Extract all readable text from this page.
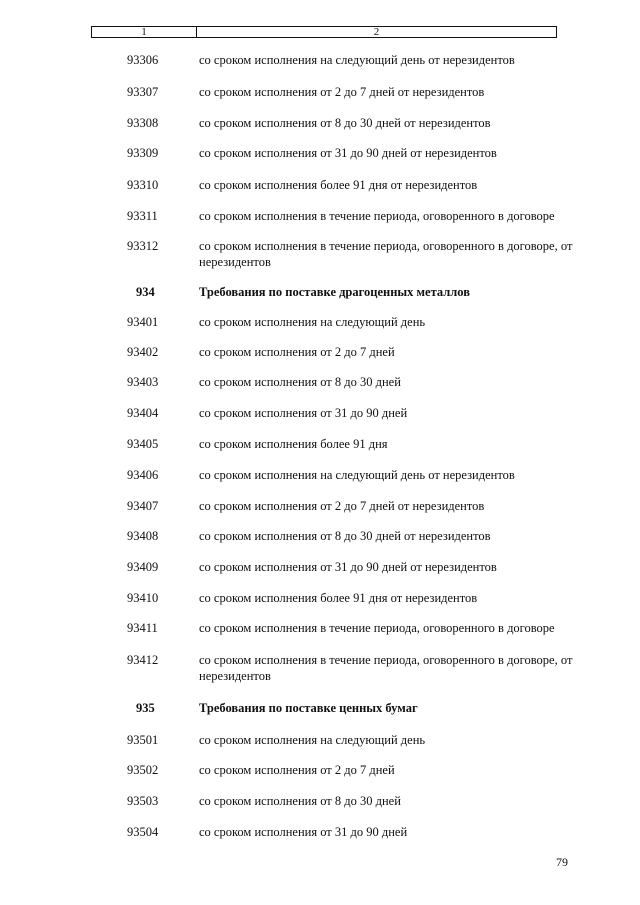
1	2
93306	со сроком исполнения на следующий день от нерезидентов
93307	со сроком исполнения от 2 до 7 дней от нерезидентов
93308	со сроком исполнения от 8 до 30 дней от нерезидентов
93309	со сроком исполнения от 31 до 90 дней от нерезидентов
93310	со сроком исполнения более 91 дня от нерезидентов
93311	со сроком исполнения в течение периода, оговоренного в договоре
93312	со сроком исполнения в течение периода, оговоренного в договоре, от нерезидентов
934	Требования по поставке драгоценных металлов
93401	со сроком исполнения на следующий день
93402	со сроком исполнения от 2 до 7 дней
93403	со сроком исполнения от 8 до 30 дней
93404	со сроком исполнения от 31 до 90 дней
93405	со сроком исполнения более 91 дня
93406	со сроком исполнения на следующий день от нерезидентов
93407	со сроком исполнения от 2 до 7 дней от нерезидентов
93408	со сроком исполнения от 8 до 30 дней от нерезидентов
93409	со сроком исполнения от 31 до 90 дней от нерезидентов
93410	со сроком исполнения более 91 дня от нерезидентов
93411	со сроком исполнения в течение периода, оговоренного в договоре
93412	со сроком исполнения в течение периода, оговоренного в договоре, от нерезидентов
935	Требования по поставке ценных бумаг
93501	со сроком исполнения на следующий день
93502	со сроком исполнения от 2 до 7 дней
93503	со сроком исполнения от 8 до 30 дней
93504	со сроком исполнения от 31 до 90 дней
79
